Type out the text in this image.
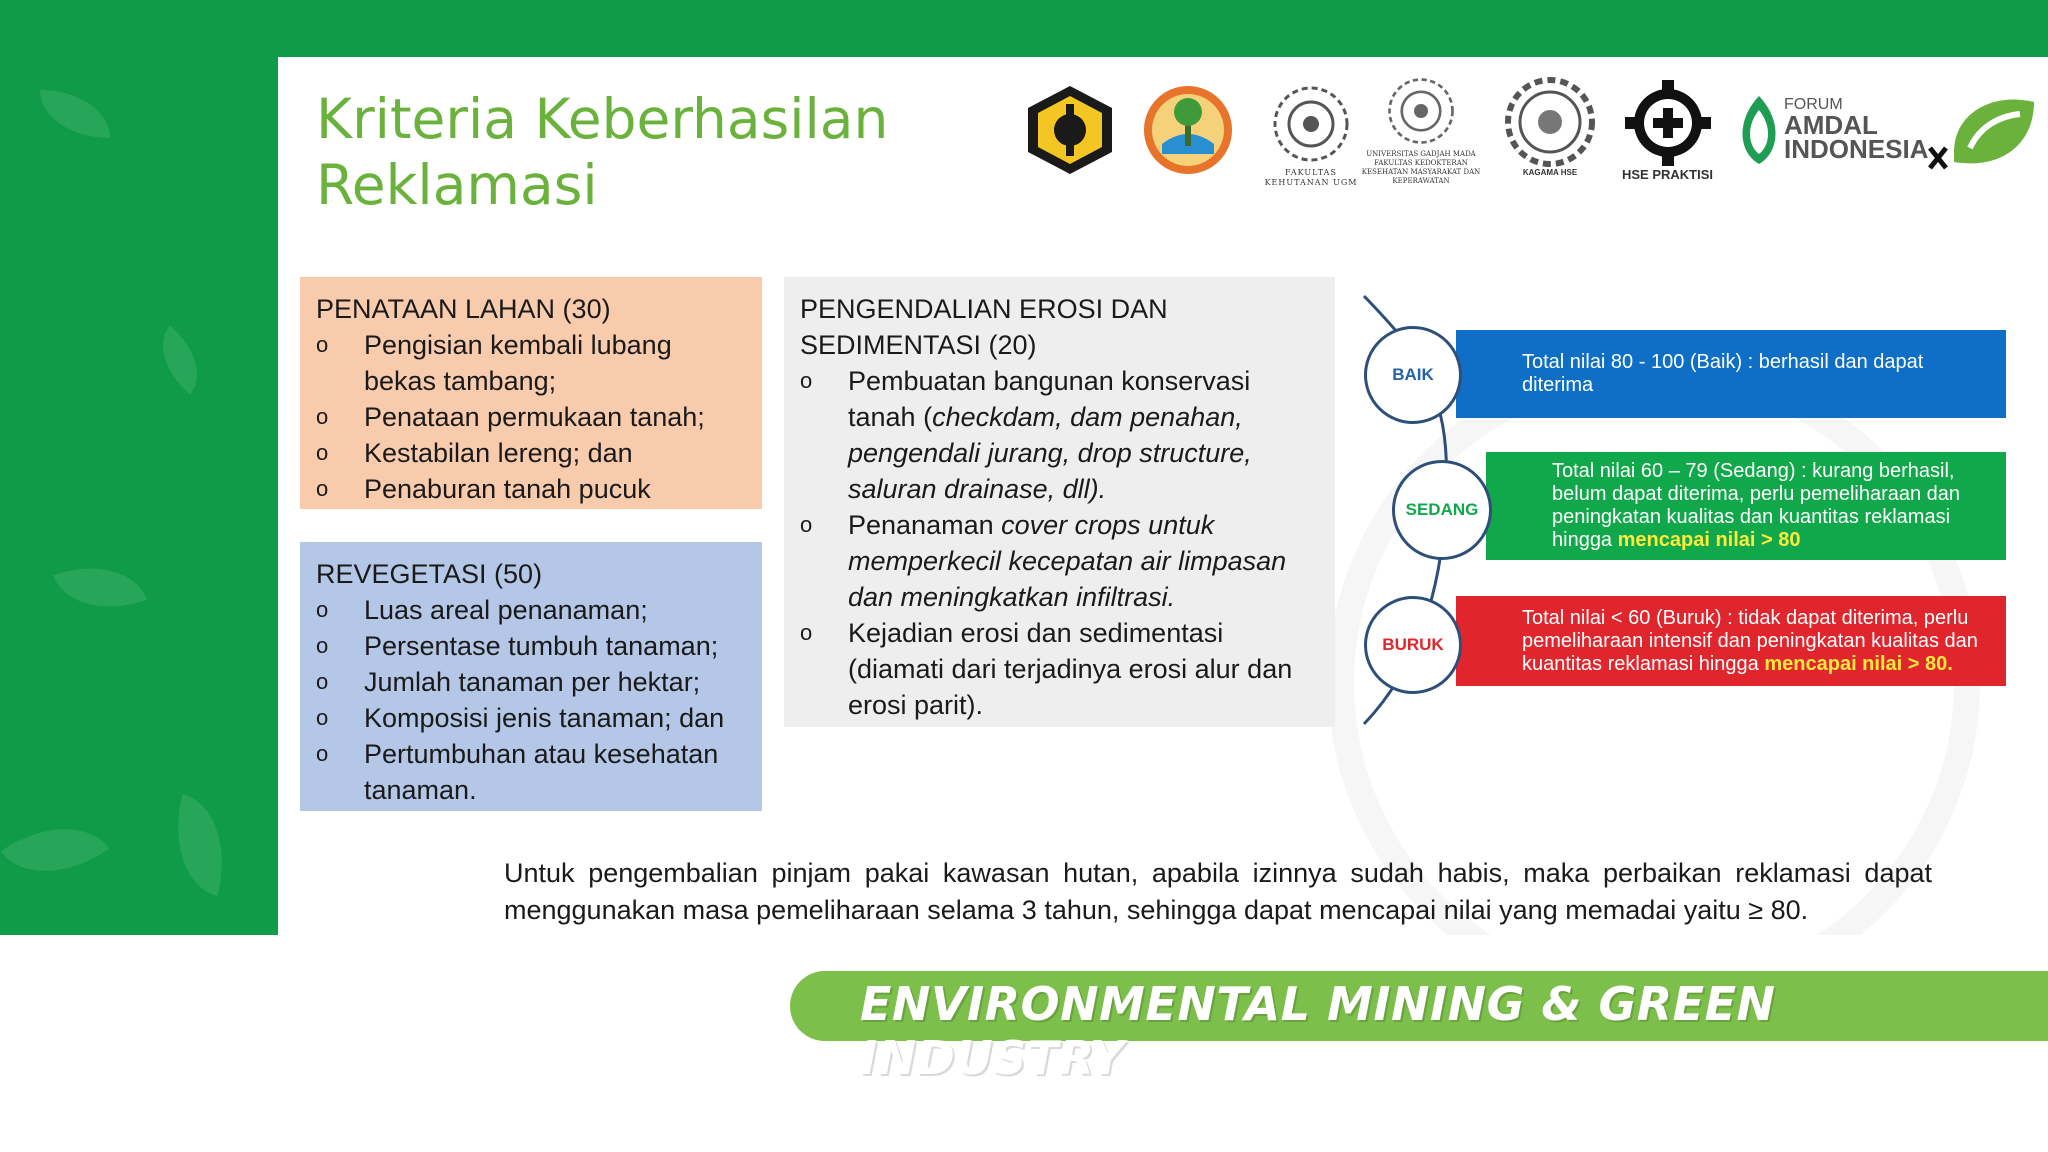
Kriteria Keberhasilan
Reklamasi	FAKULTAS KEHUTANAN UGM
UNIVERSITAS GADJAH MADA FAKULTAS KEDOKTERAN KESEHATAN MASYARAKAT DAN KEPERAWATAN
KAGAMA HSE	HSE PRAKTISI
FORUM
AMDAL
INDONESIA
PENATAAN LAHAN (30)
o Pengisian kembali lubang bekas tambang;
o Penataan permukaan tanah;
o Kestabilan lereng; dan
o Penaburan tanah pucuk
REVEGETASI (50)
o Luas areal penanaman;
o Persentase tumbuh tanaman;
o Jumlah tanaman per hektar;
o Komposisi jenis tanaman; dan
o Pertumbuhan atau kesehatan tanaman.
PENGENDALIAN EROSI DAN SEDIMENTASI (20)
o Pembuatan bangunan konservasi tanah (checkdam, dam penahan, pengendali jurang, drop structure, saluran drainase, dll).
o Penanaman cover crops untuk memperkecil kecepatan air limpasan dan meningkatkan infiltrasi.
o Kejadian erosi dan sedimentasi (diamati dari terjadinya erosi alur dan erosi parit).
Total nilai 80 - 100 (Baik) : berhasil dan dapat diterima
BAIK
Total nilai 60 – 79 (Sedang) : kurang berhasil, belum dapat diterima, perlu pemeliharaan dan peningkatan kualitas dan kuantitas reklamasi hingga mencapai nilai > 80
SEDANG
Total nilai < 60 (Buruk) : tidak dapat diterima, perlu pemeliharaan intensif dan peningkatan kualitas dan kuantitas reklamasi hingga mencapai nilai > 80.
BURUK

Untuk pengembalian pinjam pakai kawasan hutan, apabila izinnya sudah habis, maka perbaikan reklamasi dapat menggunakan masa pemeliharaan selama 3 tahun, sehingga dapat mencapai nilai yang memadai yaitu ≥ 80.

ENVIRONMENTAL MINING & GREEN INDUSTRY
